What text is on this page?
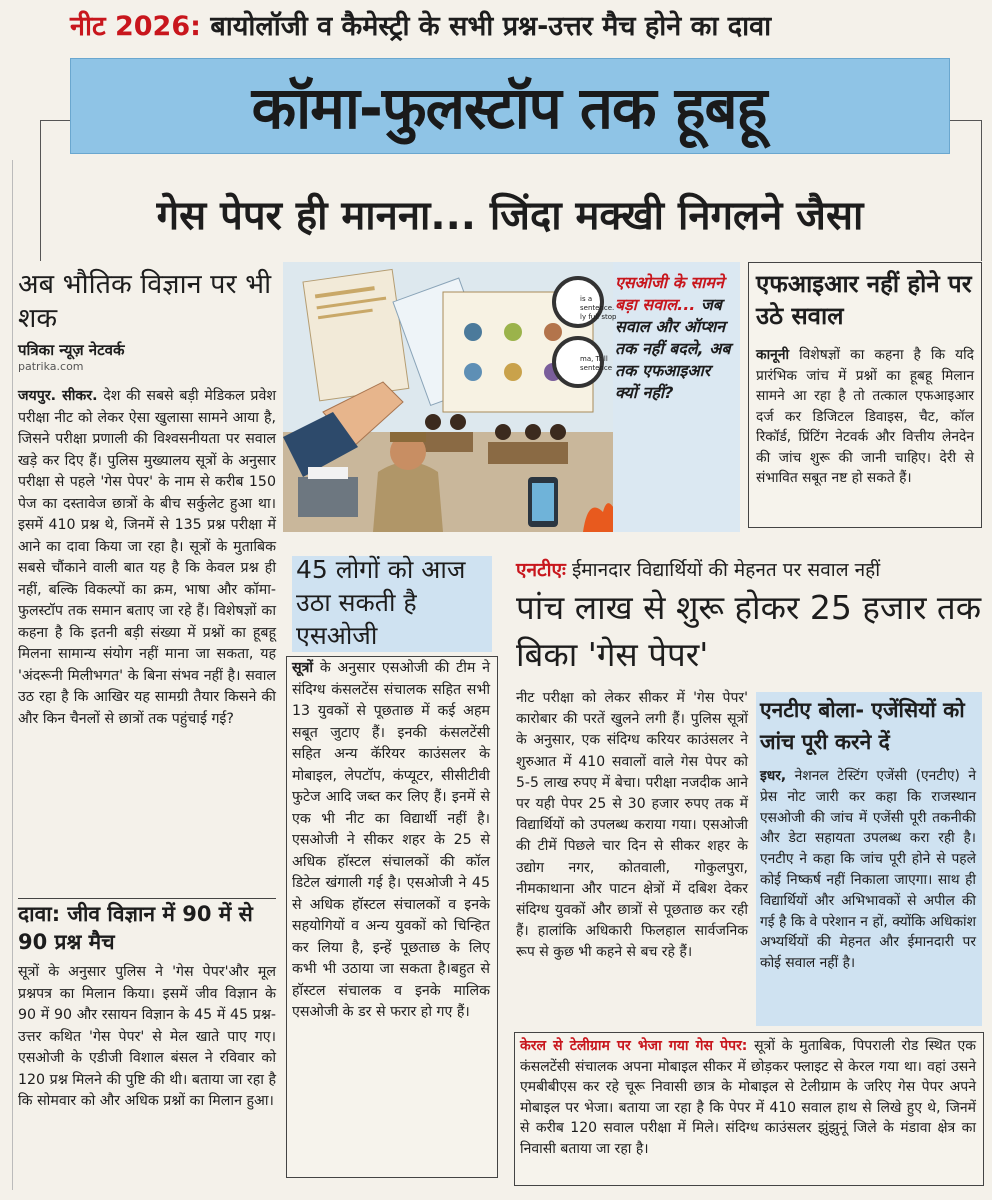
नीट 2026: बायोलॉजी व कैमेस्ट्री के सभी प्रश्न-उत्तर मैच होने का दावा
कॉमा-फुलस्टॉप तक हूबहू
गेस पेपर ही मानना... जिंदा मक्खी निगलने जैसा
अब भौतिक विज्ञान पर भी शक
पत्रिका न्यूज़ नेटवर्क
patrika.com
जयपुर. सीकर. देश की सबसे बड़ी मेडिकल प्रवेश परीक्षा नीट को लेकर ऐसा खुलासा सामने आया है, जिसने परीक्षा प्रणाली की विश्वसनीयता पर सवाल खड़े कर दिए हैं। पुलिस मुख्यालय सूत्रों के अनुसार परीक्षा से पहले 'गेस पेपर' के नाम से करीब 150 पेज का दस्तावेज छात्रों के बीच सर्कुलेट हुआ था। इसमें 410 प्रश्न थे, जिनमें से 135 प्रश्न परीक्षा में आने का दावा किया जा रहा है। सूत्रों के मुताबिक सबसे चौंकाने वाली बात यह है कि केवल प्रश्न ही नहीं, बल्कि विकल्पों का क्रम, भाषा और कॉमा-फुलस्टॉप तक समान बताए जा रहे हैं। विशेषज्ञों का कहना है कि इतनी बड़ी संख्या में प्रश्नों का हूबहू मिलना सामान्य संयोग नहीं माना जा सकता, यह 'अंदरूनी मिलीभगत' के बिना संभव नहीं है। सवाल उठ रहा है कि आखिर यह सामग्री तैयार किसने की और किन चैनलों से छात्रों तक पहुंचाई गई?
दावा: जीव विज्ञान में 90 में से 90 प्रश्न मैच
सूत्रों के अनुसार पुलिस ने 'गेस पेपर'और मूल प्रश्नपत्र का मिलान किया। इसमें जीव विज्ञान के 90 में 90 और रसायन विज्ञान के 45 में 45 प्रश्न-उत्तर कथित 'गेस पेपर' से मेल खाते पाए गए। एसओजी के एडीजी विशाल बंसल ने रविवार को 120 प्रश्न मिलने की पुष्टि की थी। बताया जा रहा है कि सोमवार को और अधिक प्रश्नों का मिलान हुआ।
एसओजी के सामने बड़ा सवाल... जब सवाल और ऑप्शन तक नहीं बदले, अब तक एफआइआर क्यों नहीं?
is a sentence. ly full stop
ma, Tr ll sentence
एफआइआर नहीं होने पर उठे सवाल
कानूनी विशेषज्ञों का कहना है कि यदि प्रारंभिक जांच में प्रश्नों का हूबहू मिलान सामने आ रहा है तो तत्काल एफआइआर दर्ज कर डिजिटल डिवाइस, चैट, कॉल रिकॉर्ड, प्रिंटिंग नेटवर्क और वित्तीय लेनदेन की जांच शुरू की जानी चाहिए। देरी से संभावित सबूत नष्ट हो सकते हैं।
45 लोगों को आज उठा सकती है एसओजी
सूत्रों के अनुसार एसओजी की टीम ने संदिग्ध कंसलटेंस संचालक सहित सभी 13 युवकों से पूछताछ में कई अहम सबूत जुटाए हैं। इनकी कंसलटेंसी सहित अन्य कॅरियर काउंसलर के मोबाइल, लेपटॉप, कंप्यूटर, सीसीटीवी फुटेज आदि जब्त कर लिए हैं। इनमें से एक भी नीट का विद्यार्थी नहीं है। एसओजी ने सीकर शहर के 25 से अधिक हॉस्टल संचालकों की कॉल डिटेल खंगाली गई है। एसओजी ने 45 से अधिक हॉस्टल संचालकों व इनके सहयोगियों व अन्य युवकों को चिन्हित कर लिया है, इन्हें पूछताछ के लिए कभी भी उठाया जा सकता है।बहुत से हॉस्टल संचालक व इनके मालिक एसओजी के डर से फरार हो गए हैं।
एनटीएः ईमानदार विद्यार्थियों की मेहनत पर सवाल नहीं
पांच लाख से शुरू होकर 25 हजार तक बिका 'गेस पेपर'
नीट परीक्षा को लेकर सीकर में 'गेस पेपर' कारोबार की परतें खुलने लगी हैं। पुलिस सूत्रों के अनुसार, एक संदिग्ध करियर काउंसलर ने शुरुआत में 410 सवालों वाले गेस पेपर को 5-5 लाख रुपए में बेचा। परीक्षा नजदीक आने पर यही पेपर 25 से 30 हजार रुपए तक में विद्यार्थियों को उपलब्ध कराया गया। एसओजी की टीमें पिछले चार दिन से सीकर शहर के उद्योग नगर, कोतवाली, गोकुलपुरा, नीमकाथाना और पाटन क्षेत्रों में दबिश देकर संदिग्ध युवकों और छात्रों से पूछताछ कर रही हैं। हालांकि अधिकारी फिलहाल सार्वजनिक रूप से कुछ भी कहने से बच रहे हैं।
एनटीए बोला- एजेंसियों को जांच पूरी करने दें
इधर, नेशनल टेस्टिंग एजेंसी (एनटीए) ने प्रेस नोट जारी कर कहा कि राजस्थान एसओजी की जांच में एजेंसी पूरी तकनीकी और डेटा सहायता उपलब्ध करा रही है। एनटीए ने कहा कि जांच पूरी होने से पहले कोई निष्कर्ष नहीं निकाला जाएगा। साथ ही विद्यार्थियों और अभिभावकों से अपील की गई है कि वे परेशान न हों, क्योंकि अधिकांश अभ्यर्थियों की मेहनत और ईमानदारी पर कोई सवाल नहीं है।
केरल से टेलीग्राम पर भेजा गया गेस पेपर: सूत्रों के मुताबिक, पिपराली रोड स्थित एक कंसलटेंसी संचालक अपना मोबाइल सीकर में छोड़कर फ्लाइट से केरल गया था। वहां उसने एमबीबीएस कर रहे चूरू निवासी छात्र के मोबाइल से टेलीग्राम के जरिए गेस पेपर अपने मोबाइल पर भेजा। बताया जा रहा है कि पेपर में 410 सवाल हाथ से लिखे हुए थे, जिनमें से करीब 120 सवाल परीक्षा में मिले। संदिग्ध काउंसलर झुंझुनूं जिले के मंडावा क्षेत्र का निवासी बताया जा रहा है।
